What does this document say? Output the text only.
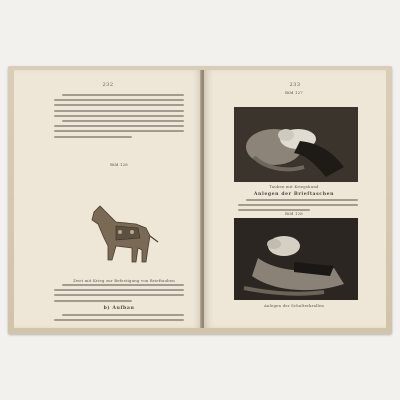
232
Bild 126
Zwei mit Krieg zur Befestigung von Brieftauben
b) Aufbau
233
Bild 127
Tauben mit Kriegshund
Anlegen der Brieftaschen
Bild 128
Anlegen der Schulterkrallen
